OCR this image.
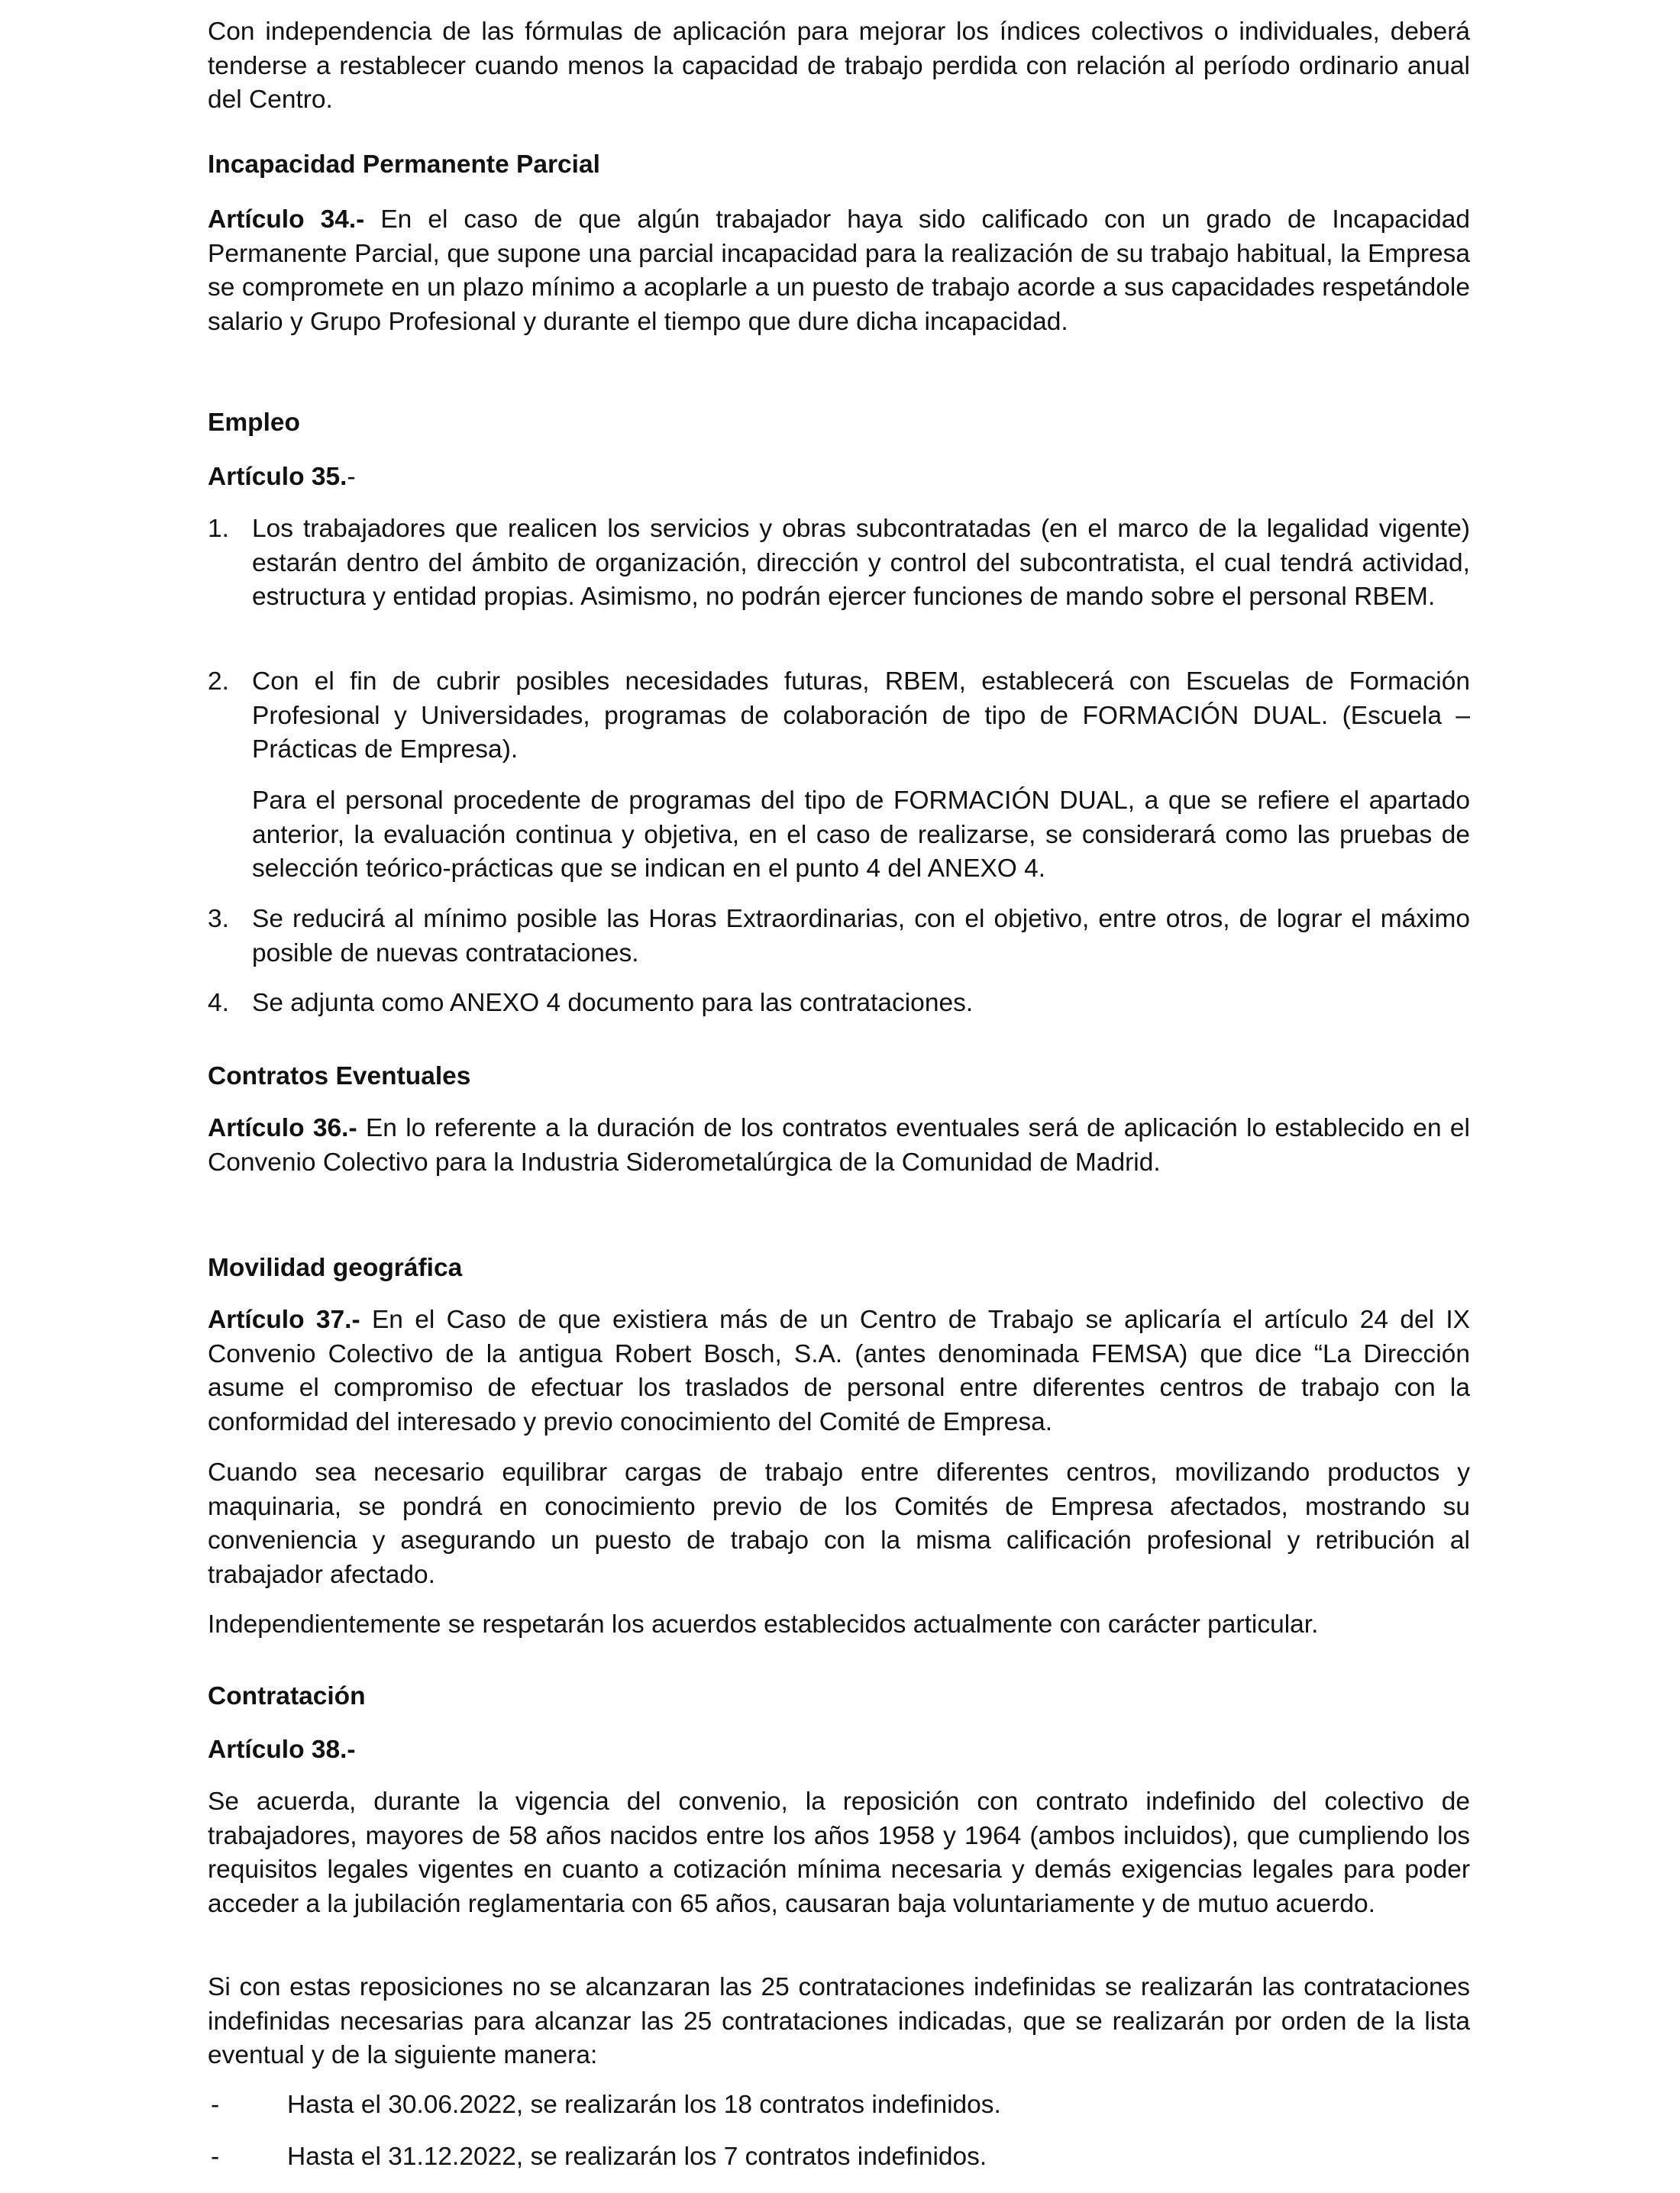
Con independencia de las fórmulas de aplicación para mejorar los índices colectivos o individuales, deberá tenderse a restablecer cuando menos la capacidad de trabajo perdida con relación al período ordinario anual del Centro.
Incapacidad Permanente Parcial
Artículo 34.- En el caso de que algún trabajador haya sido calificado con un grado de Incapacidad Permanente Parcial, que supone una parcial incapacidad para la realización de su trabajo habitual, la Empresa se compromete en un plazo mínimo a acoplarle a un puesto de trabajo acorde a sus capacidades respetándole salario y Grupo Profesional y durante el tiempo que dure dicha incapacidad.
Empleo
Artículo 35.-
1. Los trabajadores que realicen los servicios y obras subcontratadas (en el marco de la legalidad vigente) estarán dentro del ámbito de organización, dirección y control del subcontratista, el cual tendrá actividad, estructura y entidad propias. Asimismo, no podrán ejercer funciones de mando sobre el personal RBEM.
2. Con el fin de cubrir posibles necesidades futuras, RBEM, establecerá con Escuelas de Formación Profesional y Universidades, programas de colaboración de tipo de FORMACIÓN DUAL. (Escuela – Prácticas de Empresa).
Para el personal procedente de programas del tipo de FORMACIÓN DUAL, a que se refiere el apartado anterior, la evaluación continua y objetiva, en el caso de realizarse, se considerará como las pruebas de selección teórico-prácticas que se indican en el punto 4 del ANEXO 4.
3. Se reducirá al mínimo posible las Horas Extraordinarias, con el objetivo, entre otros, de lograr el máximo posible de nuevas contrataciones.
4. Se adjunta como ANEXO 4 documento para las contrataciones.
Contratos Eventuales
Artículo 36.- En lo referente a la duración de los contratos eventuales será de aplicación lo establecido en el Convenio Colectivo para la Industria Siderometalúrgica de la Comunidad de Madrid.
Movilidad geográfica
Artículo 37.- En el Caso de que existiera más de un Centro de Trabajo se aplicaría el artículo 24 del IX Convenio Colectivo de la antigua Robert Bosch, S.A. (antes denominada FEMSA) que dice “La Dirección asume el compromiso de efectuar los traslados de personal entre diferentes centros de trabajo con la conformidad del interesado y previo conocimiento del Comité de Empresa.
Cuando sea necesario equilibrar cargas de trabajo entre diferentes centros, movilizando productos y maquinaria, se pondrá en conocimiento previo de los Comités de Empresa afectados, mostrando su conveniencia y asegurando un puesto de trabajo con la misma calificación profesional y retribución al trabajador afectado.
Independientemente se respetarán los acuerdos establecidos actualmente con carácter particular.
Contratación
Artículo 38.-
Se acuerda, durante la vigencia del convenio, la reposición con contrato indefinido del colectivo de trabajadores, mayores de 58 años nacidos entre los años 1958 y 1964 (ambos incluidos), que cumpliendo los requisitos legales vigentes en cuanto a cotización mínima necesaria y demás exigencias legales para poder acceder a la jubilación reglamentaria con 65 años, causaran baja voluntariamente y de mutuo acuerdo.
Si con estas reposiciones no se alcanzaran las 25 contrataciones indefinidas se realizarán las contrataciones indefinidas necesarias para alcanzar las 25 contrataciones indicadas, que se realizarán por orden de la lista eventual y de la siguiente manera:
-	Hasta el 30.06.2022, se realizarán los 18 contratos indefinidos.
-	Hasta el 31.12.2022, se realizarán los 7 contratos indefinidos.
